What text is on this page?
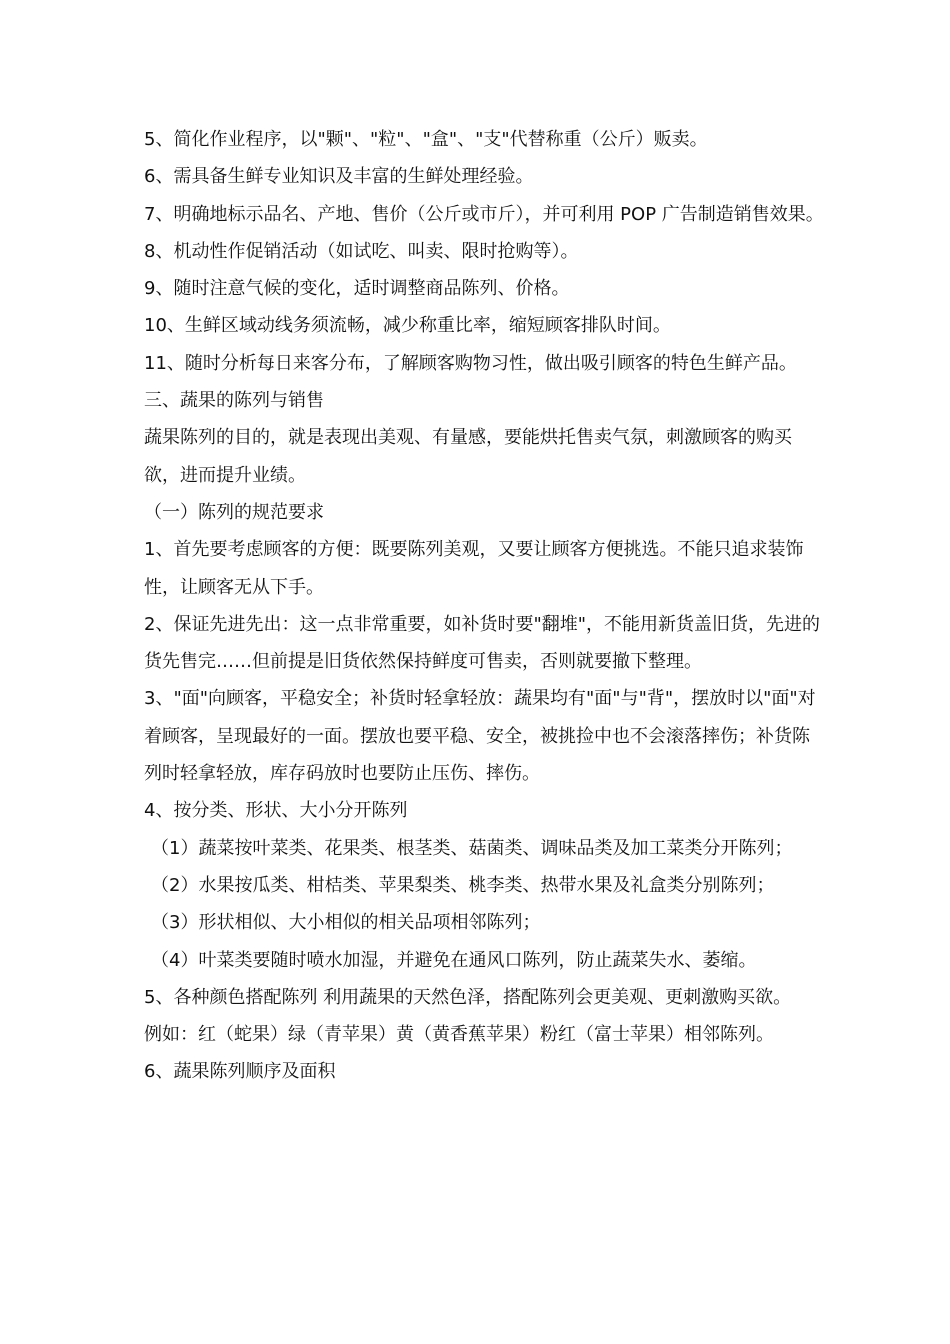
5、简化作业程序，以"颗"、"粒"、"盒"、"支"代替称重（公斤）贩卖。

6、需具备生鲜专业知识及丰富的生鲜处理经验。

7、明确地标示品名、产地、售价（公斤或市斤），并可利用 POP 广告制造销售效果。

8、机动性作促销活动（如试吃、叫卖、限时抢购等）。

9、随时注意气候的变化，适时调整商品陈列、价格。

10、生鲜区域动线务须流畅，减少称重比率，缩短顾客排队时间。

11、随时分析每日来客分布，了解顾客购物习性，做出吸引顾客的特色生鲜产品。

三、蔬果的陈列与销售

蔬果陈列的目的，就是表现出美观、有量感，要能烘托售卖气氛，刺激顾客的购买欲，进而提升业绩。

（一）陈列的规范要求

1、首先要考虑顾客的方便：既要陈列美观，又要让顾客方便挑选。不能只追求装饰性，让顾客无从下手。

2、保证先进先出：这一点非常重要，如补货时要"翻堆"，不能用新货盖旧货，先进的货先售完……但前提是旧货依然保持鲜度可售卖，否则就要撤下整理。

3、"面"向顾客，平稳安全；补货时轻拿轻放：蔬果均有"面"与"背"，摆放时以"面"对着顾客，呈现最好的一面。摆放也要平稳、安全，被挑捡中也不会滚落摔伤；补货陈列时轻拿轻放，库存码放时也要防止压伤、摔伤。

4、按分类、形状、大小分开陈列

（1）蔬菜按叶菜类、花果类、根茎类、菇菌类、调味品类及加工菜类分开陈列；

（2）水果按瓜类、柑桔类、苹果梨类、桃李类、热带水果及礼盒类分别陈列；

（3）形状相似、大小相似的相关品项相邻陈列；

（4）叶菜类要随时喷水加湿，并避免在通风口陈列，防止蔬菜失水、萎缩。

5、各种颜色搭配陈列 利用蔬果的天然色泽，搭配陈列会更美观、更刺激购买欲。

例如：红（蛇果）绿（青苹果）黄（黄香蕉苹果）粉红（富士苹果）相邻陈列。

6、蔬果陈列顺序及面积
